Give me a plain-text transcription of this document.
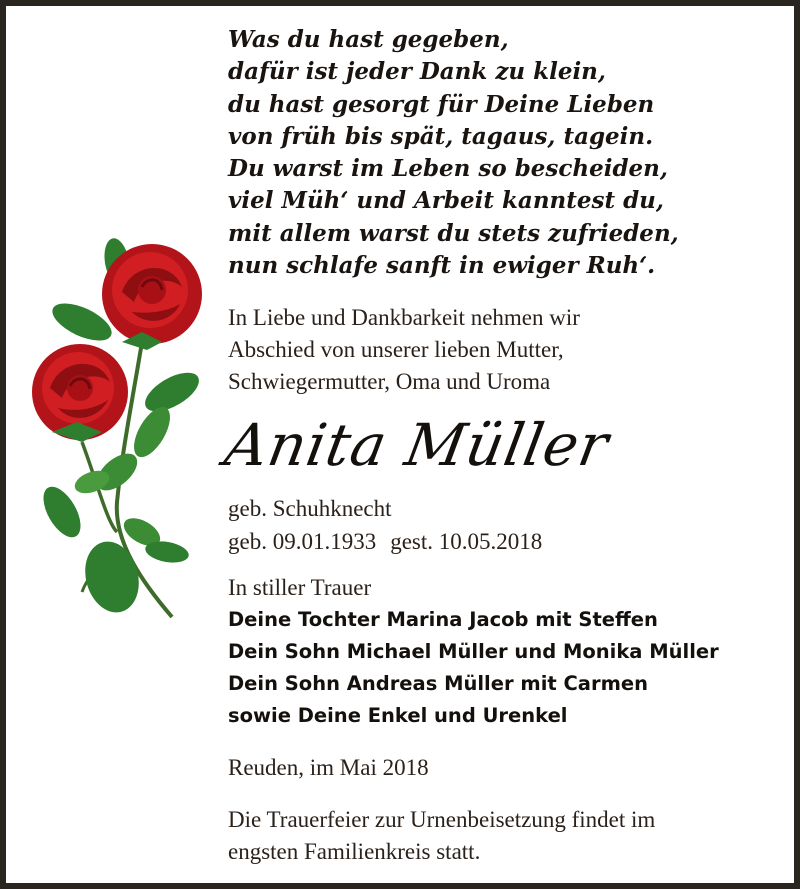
Was du hast gegeben,
dafür ist jeder Dank zu klein,
du hast gesorgt für Deine Lieben
von früh bis spät, tagaus, tagein.
Du warst im Leben so bescheiden,
viel Müh‘ und Arbeit kanntest du,
mit allem warst du stets zufrieden,
nun schlafe sanft in ewiger Ruh‘.
In Liebe und Dankbarkeit nehmen wir
Abschied von unserer lieben Mutter,
Schwiegermutter, Oma und Uroma
Anita Müller
geb. Schuhknecht
geb. 09.01.1933 gest. 10.05.2018
In stiller Trauer
Deine Tochter Marina Jacob mit Steffen
Dein Sohn Michael Müller und Monika Müller
Dein Sohn Andreas Müller mit Carmen
sowie Deine Enkel und Urenkel
Reuden, im Mai 2018
Die Trauerfeier zur Urnenbeisetzung findet im
engsten Familienkreis statt.
